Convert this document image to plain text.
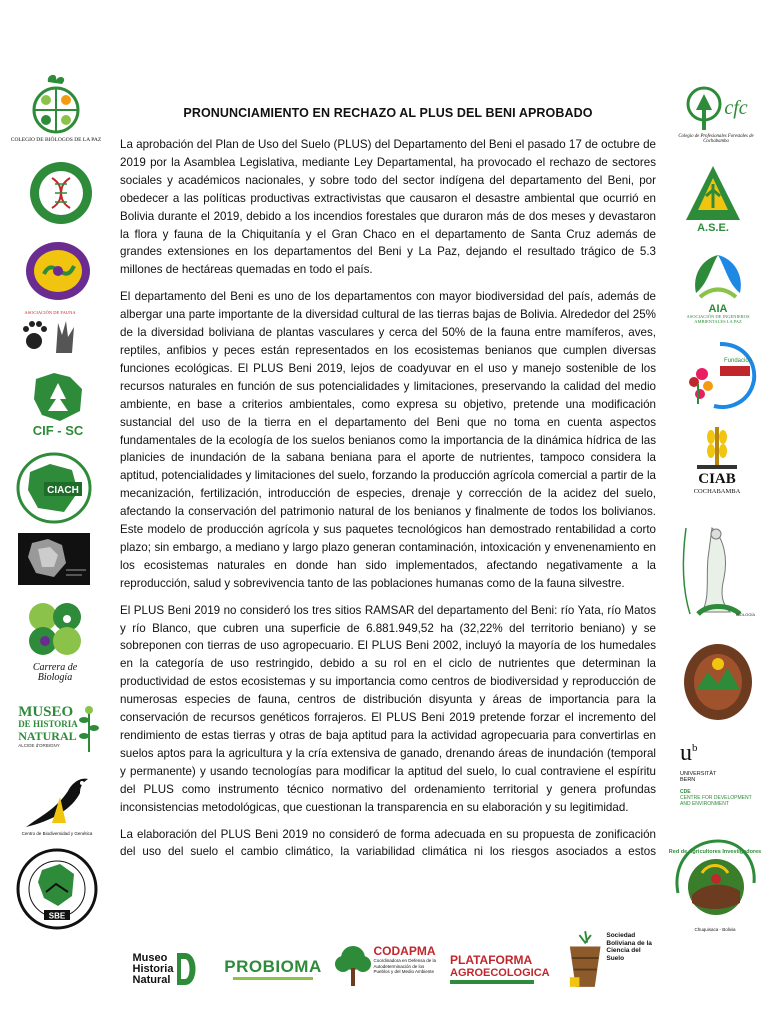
COLEGIO DE BIÓLOGOS DE LA PAZ
ASOCIACIÓN DE FAUNA
CIF - SC
CIACH
Carrera de Biología
MUSEO
DE HISTORIA
NATURAL
ALCIDE d'ORBIGNY
Centro de Biodiversidad y Genética
SBE
cfc
Colegio de Profesionales Forestales de Cochabamba
A.S.E.
AIA
ASOCIACIÓN DE INGENIEROS AMBIENTALES LA PAZ
Fundación
CIAB
COCHABAMBA
BIOLOGÍA
$u^b$
UNIVERSITÄT
BERN
CDE
CENTRE FOR DEVELOPMENT
AND ENVIRONMENT
Red de Agricultores Investigadores
Chuquisaca - Bolivia
Museo
Historia
Natural
PROBIOMA
CODAPMA
Coordinadora en Defensa de la Autodeterminación de los Pueblos y del Medio Ambiente
PLATAFORMA
AGROECOLOGICA
Sociedad
Boliviana de la
Ciencia del Suelo
PRONUNCIAMIENTO EN RECHAZO AL PLUS DEL BENI APROBADO

La aprobación del Plan de Uso del Suelo (PLUS) del Departamento del Beni el pasado 17 de octubre de 2019 por la Asamblea Legislativa, mediante Ley Departamental, ha provocado el rechazo de sectores sociales y académicos nacionales, y sobre todo del sector indígena del departamento del Beni, por obedecer a las políticas productivas extractivistas que causaron el desastre ambiental que ocurrió en Bolivia durante el 2019, debido a los incendios forestales que duraron más de dos meses y devastaron la flora y fauna de la Chiquitanía y el Gran Chaco en el departamento de Santa Cruz además de grandes extensiones en los departamentos del Beni y La Paz, dejando el resultado trágico de 5.3 millones de hectáreas quemadas en todo el país.

El departamento del Beni es uno de los departamentos con mayor biodiversidad del país, además de albergar una parte importante de la diversidad cultural de las tierras bajas de Bolivia. Alrededor del 25% de la diversidad boliviana de plantas vasculares y cerca del 50% de la fauna entre mamíferos, aves, reptiles, anfibios y peces están representados en los ecosistemas benianos que cumplen diversas funciones ecológicas. El PLUS Beni 2019, lejos de coadyuvar en el uso y manejo sostenible de los recursos naturales en función de sus potencialidades y limitaciones, preservando la calidad del medio ambiente, en base a criterios ambientales, como expresa su objetivo, pretende una modificación sustancial del uso de la tierra en el departamento del Beni que no toma en cuenta aspectos fundamentales de la ecología de los suelos benianos como la importancia de la dinámica hídrica de las planicies de inundación de la sabana beniana para el aporte de nutrientes, tampoco considera la aptitud, potencialidades y limitaciones del suelo, forzando la producción agrícola comercial a partir de la mecanización, fertilización, introducción de especies, drenaje y corrección de la acidez del suelo, afectando la conservación del patrimonio natural de los benianos y finalmente de todos los bolivianos. Este modelo de producción agrícola y sus paquetes tecnológicos han demostrado rentabilidad a corto plazo; sin embargo, a mediano y largo plazo generan contaminación, intoxicación y envenenamiento en los ecosistemas naturales en donde han sido implementados, afectando negativamente a la reproducción, salud y sobrevivencia tanto de las poblaciones humanas como de la fauna silvestre.

El PLUS Beni 2019 no consideró los tres sitios RAMSAR del departamento del Beni: río Yata, río Matos y río Blanco, que cubren una superficie de 6.881.949,52 ha (32,22% del territorio beniano) y se sobreponen con tierras de uso agropecuario. El PLUS Beni 2002, incluyó la mayoría de los humedales en la categoría de uso restringido, debido a su rol en el ciclo de nutrientes que determinan la productividad de estos ecosistemas y su importancia como centros de biodiversidad y reproducción de numerosas especies de fauna, centros de distribución disyunta y áreas de importancia para la conservación de recursos genéticos forrajeros. El PLUS Beni 2019 pretende forzar el incremento del rendimiento de estas tierras y otras de baja aptitud para la actividad agropecuaria para convertirlas en suelos aptos para la agricultura y la cría extensiva de ganado, drenando áreas de inundación (temporal y permanente) y usando tecnologías para modificar la aptitud del suelo, lo cual contraviene el espíritu del PLUS como instrumento técnico normativo del ordenamiento territorial y genera profundas inconsistencias metodológicas, que cuestionan la transparencia en su elaboración y su legitimidad.

La elaboración del PLUS Beni 2019 no consideró de forma adecuada en su propuesta de zonificación del uso del suelo el cambio climático, la variabilidad climática ni los riesgos asociados a estos
